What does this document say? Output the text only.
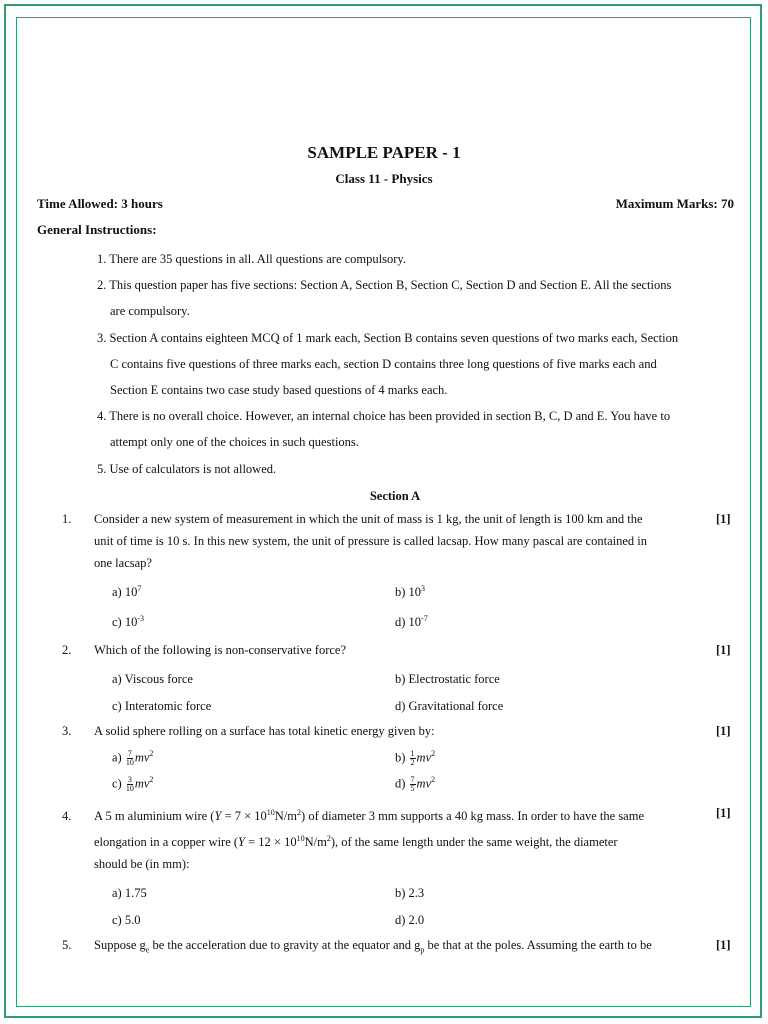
SAMPLE PAPER - 1
Class 11 - Physics
Time Allowed: 3 hours	Maximum Marks: 70
General Instructions:
1. There are 35 questions in all. All questions are compulsory.
2. This question paper has five sections: Section A, Section B, Section C, Section D and Section E. All the sections
are compulsory.
3. Section A contains eighteen MCQ of 1 mark each, Section B contains seven questions of two marks each, Section
C contains five questions of three marks each, section D contains three long questions of five marks each and
Section E contains two case study based questions of 4 marks each.
4. There is no overall choice. However, an internal choice has been provided in section B, C, D and E. You have to
attempt only one of the choices in such questions.
5. Use of calculators is not allowed.
Section A
1. Consider a new system of measurement in which the unit of mass is 1 kg, the unit of length is 100 km and the	[1]
unit of time is 10 s. In this new system, the unit of pressure is called lacsap. How many pascal are contained in
one lacsap?
a) $10^7$	b) $10^3$
c) $10^{-3}$	d) $10^{-7}$
2. Which of the following is non-conservative force?	[1]
a) Viscous force	b) Electrostatic force
c) Interatomic force	d) Gravitational force
3. A solid sphere rolling on a surface has total kinetic energy given by:	[1]
$a) \frac{7}{10} mv^2$	$b) \frac{1}{2} mv^2$
$c) \frac{3}{10} mv^2$	$d) \frac{7}{5} mv^2$
4. A 5 m aluminium wire $(Y = 7 \times 10^{10}N/m^2)$ of diameter 3 mm supports a 40 kg mass. In order to have the same	[1]
elongation in a copper wire $(Y = 12 \times 10^{10}N/m^2)$, of the same length under the same weight, the diameter
should be (in mm):
a) 1.75	b) 2.3
c) 5.0	d) 2.0
5. Suppose $g_e$ be the acceleration due to gravity at the equator and $g_p$ be that at the poles. Assuming the earth to be	[1]
